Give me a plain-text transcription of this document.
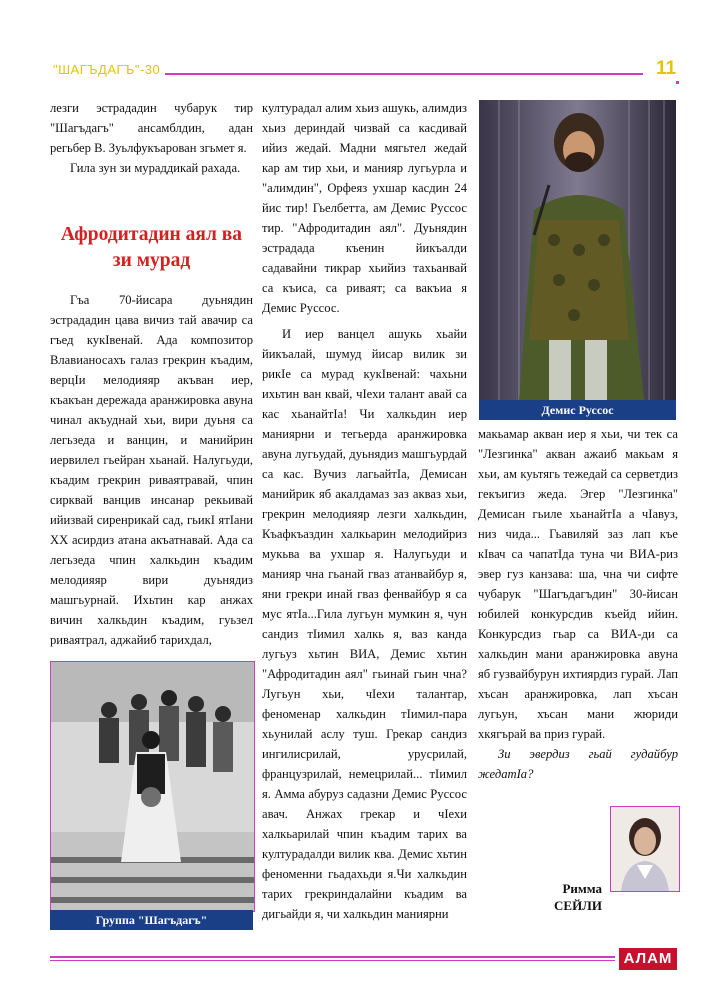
"ШАГЪДАГЪ"-30	11

лезги эстрададин чубарук тир "Шагъдагъ" ансамблдин, адан регьбер В. Зуьлфукъарован згьмет я.

Гила зун зи мураддикай рахада.

Афродитадин аял ва зи мурад

Гъа 70-йисара дуьнядин эстрададин цава вичиз тай авачир са гъед кукIвенай. Ада композитор Влавианосахъ галаз грекрин къадим, верцIи мелодияяр акъван иер, къакъан дережада аранжировка авуна чинал акъуднай хьи, вири дуьня са легьзеда и ванцин, и манийрин иервилел гьейран хьанай. Налугьуди, къадим грекрин риваятравай, чпин сирквай ванцив инсанар рекьивай ийизвай сиренрикай сад, гьикI ятIани XX асирдиз атана акъатнавай. Ада са легьзеда чпин халкьдин къадим мелодияяр вири дуьнядиз машгьурнай. Ихьтин кар анжах вичин халкьдин къадим, гуьзел риваятрал, аджайиб тарихдал,

културадал алим хьиз ашукь, алимдиз хьиз дериндай чизвай са касдивай ийиз жедай. Мадни мягьтел жедай кар ам тир хьи, и манияр лугьурла и "алимдин", Орфеяз ухшар касдин 24 йис тир! Гьелбетта, ам Демис Руссос тир. "Афродитадин аял". Дуьнядин эстрадада къенин йикъалди садавайни тикрар хьийиз тахьанвай са къиса, са риваят; са вакъиа я Демис Руссос.

И иер ванцел ашукь хьайи йикъалай, шумуд йисар вилик зи рикIе са мурад кукIвенай: чахьни ихьтин ван квай, чIехи талант авай са кас хьанайтIа! Чи халкьдин иер маниярни и тегьерда аранжировка авуна лугьудай, дуьнядиз машгьурдай са кас. Вучиз лагьайтIа, Демисан манийрик яб акалдамаз заз акваз хьи, грекрин мелодияяр лезги халкьдин, Къафкъаздин халкьарин мелодийриз мукьва ва ухшар я. Налугьуди и манияр чна гьанай гваз атанвайбур я, яни грекри инай гваз фенвайбур я са мус ятIа...Гила лугьун мумкин я, чун сандиз тIимил халкь я, ваз канда лугьуз хьтин ВИА, Демис хьтин "Афродитадин аял" гьинай гьин чна? Лугьун хьи, чIехи талантар, феноменар халкьдин тIимил-пара хьунилай аслу туш. Грекар сандиз ингилисрилай, урусрилай, французрилай, немецрилай... тIимил я. Амма абуруз садазни Демис Руссос авач. Анжах грекар и чIехи халкьарилай чпин къадим тарих ва културадалди вилик ква. Демис хьтин феноменни гьадахьди я.Чи халкьдин тарих грекриндалайни къадим ва дигьайди я, чи халкьдин маниярни

Демис Руссос

макьамар акван иер я хьи, чи тек са "Лезгинка" акван ажаиб макьам я хьи, ам куьтягь тежедай са серветдиз гекъигиз жеда. Эгер "Лезгинка" Демисан гьиле хьанайтIа а чIавуз, низ чида... Гьавиляй заз лап къе кIвач са чапатIда туна чи ВИА-риз эвер гуз канзава: ша, чна чи сифте чубарук "Шагъдагъдин" 30-йисан юбилей конкурсдив къейд ийин. Конкурсдиз гьар са ВИА-ди са халкьдин мани аранжировка авуна яб гузвайбурун ихтиярдиз гурай. Лап хъсан аранжировка, лап хъсан лугьун, хъсан мани жюриди хкягърай ва приз гурай.

Зи эвердиз гьай гудайбур жедатIа?

Группа "Шагъдагъ"
Римма
СЕЙЛИ
АЛАМ
